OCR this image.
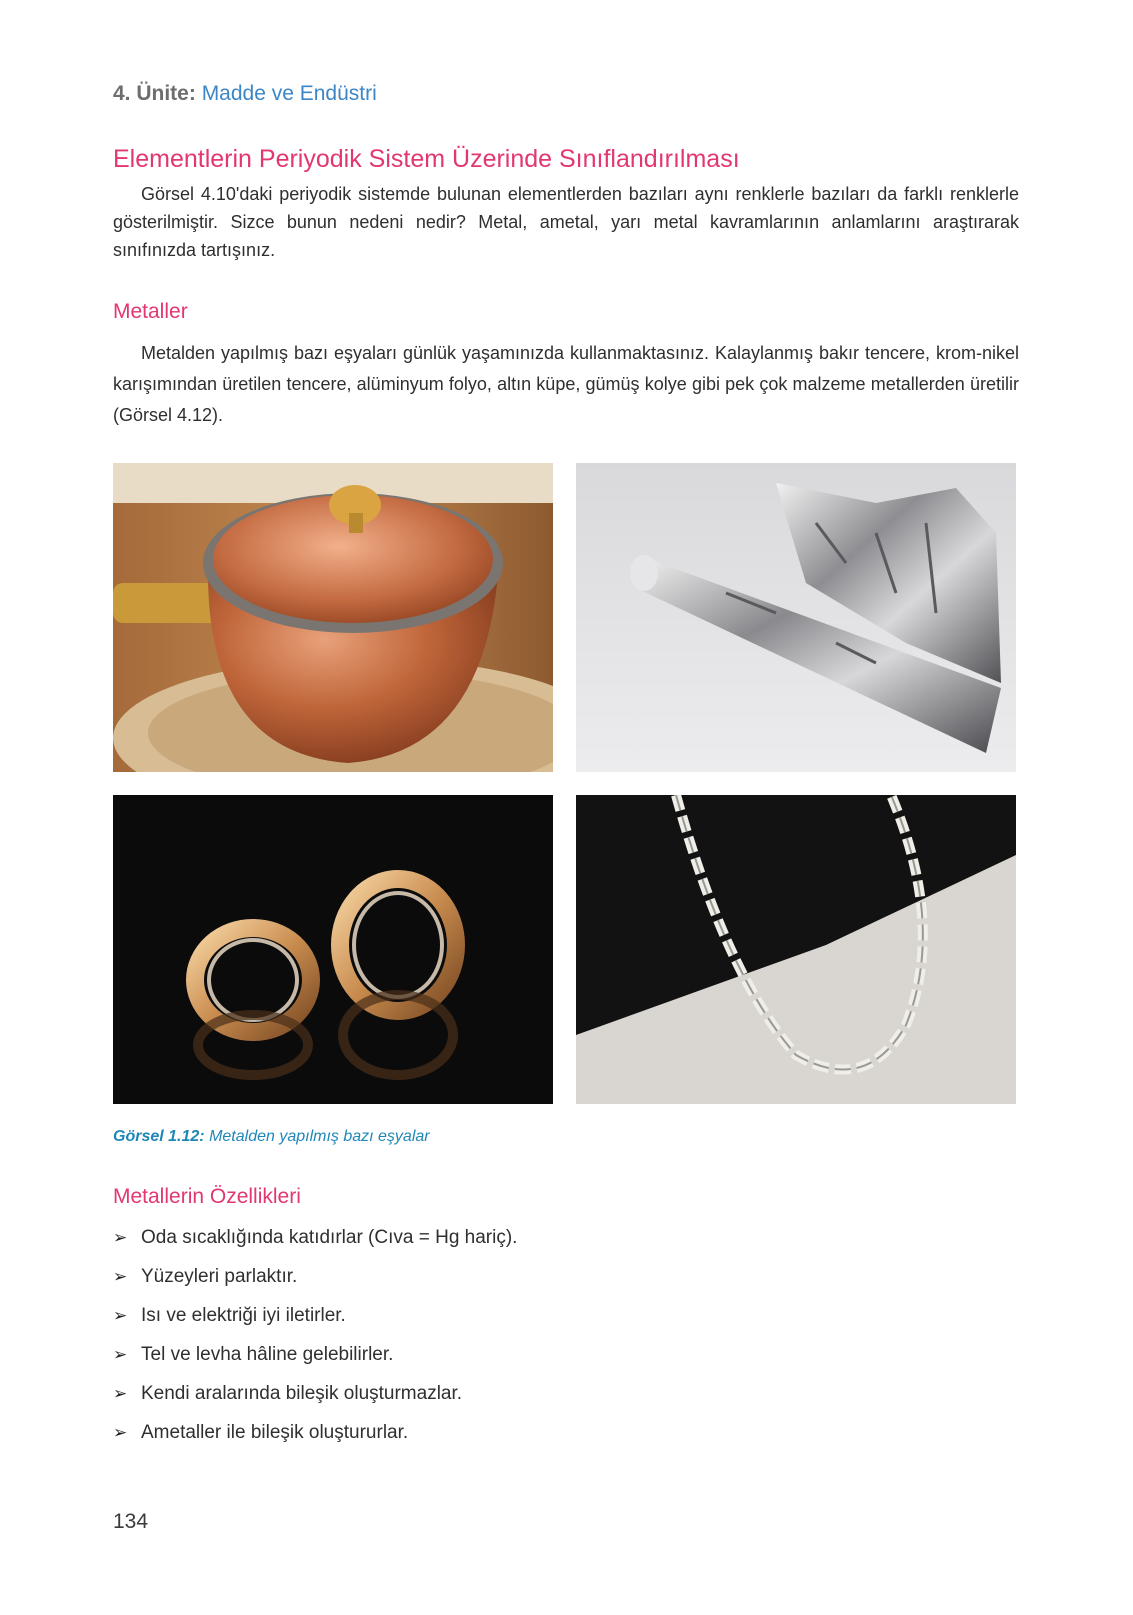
4. Ünite: Madde ve Endüstri
Elementlerin Periyodik Sistem Üzerinde Sınıflandırılması

Görsel 4.10'daki periyodik sistemde bulunan elementlerden bazıları aynı renklerle bazıları da farklı renklerle gösterilmiştir. Sizce bunun nedeni nedir? Metal, ametal, yarı metal kavramlarının anlamlarını araştırarak sınıfınızda tartışınız.

Metaller

Metalden yapılmış bazı eşyaları günlük yaşamınızda kullanmaktasınız. Kalaylanmış bakır tencere, krom-nikel karışımından üretilen tencere, alüminyum folyo, altın küpe, gümüş kolye gibi pek çok malzeme metallerden üretilir (Görsel 4.12).

Görsel 1.12: Metalden yapılmış bazı eşyalar
Metallerin Özellikleri
➢ Oda sıcaklığında katıdırlar (Cıva = Hg hariç).
➢ Yüzeyleri parlaktır.
➢ Isı ve elektriği iyi iletirler.
➢ Tel ve levha hâline gelebilirler.
➢ Kendi aralarında bileşik oluşturmazlar.
➢ Ametaller ile bileşik oluştururlar.
134
